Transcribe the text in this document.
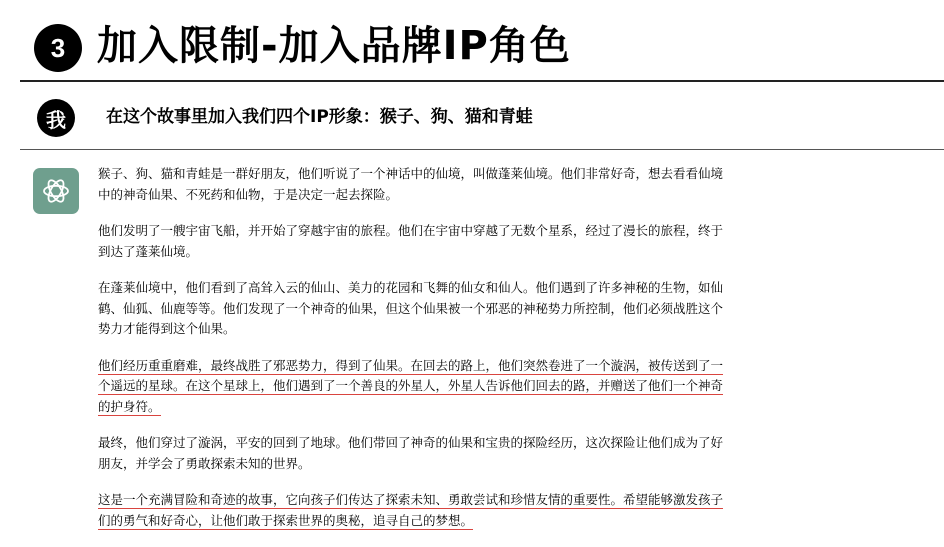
3 加入限制-加入品牌IP角色
我	在这个故事里加入我们四个IP形象：猴子、狗、猫和青蛙

猴子、狗、猫和青蛙是一群好朋友，他们听说了一个神话中的仙境，叫做蓬莱仙境。他们非常好奇，想去看看仙境中的神奇仙果、不死药和仙物，于是决定一起去探险。

他们发明了一艘宇宙飞船，并开始了穿越宇宙的旅程。他们在宇宙中穿越了无数个星系，经过了漫长的旅程，终于到达了蓬莱仙境。

在蓬莱仙境中，他们看到了高耸入云的仙山、美力的花园和飞舞的仙女和仙人。他们遇到了许多神秘的生物，如仙鹤、仙狐、仙鹿等等。他们发现了一个神奇的仙果，但这个仙果被一个邪恶的神秘势力所控制，他们必须战胜这个势力才能得到这个仙果。

他们经历重重磨难，最终战胜了邪恶势力，得到了仙果。在回去的路上，他们突然卷进了一个漩涡，被传送到了一个遥远的星球。在这个星球上，他们遇到了一个善良的外星人，外星人告诉他们回去的路，并赠送了他们一个神奇的护身符。

最终，他们穿过了漩涡，平安的回到了地球。他们带回了神奇的仙果和宝贵的探险经历，这次探险让他们成为了好朋友，并学会了勇敢探索未知的世界。

这是一个充满冒险和奇迹的故事，它向孩子们传达了探索未知、勇敢尝试和珍惜友情的重要性。希望能够激发孩子们的勇气和好奇心，让他们敢于探索世界的奥秘，追寻自己的梦想。
